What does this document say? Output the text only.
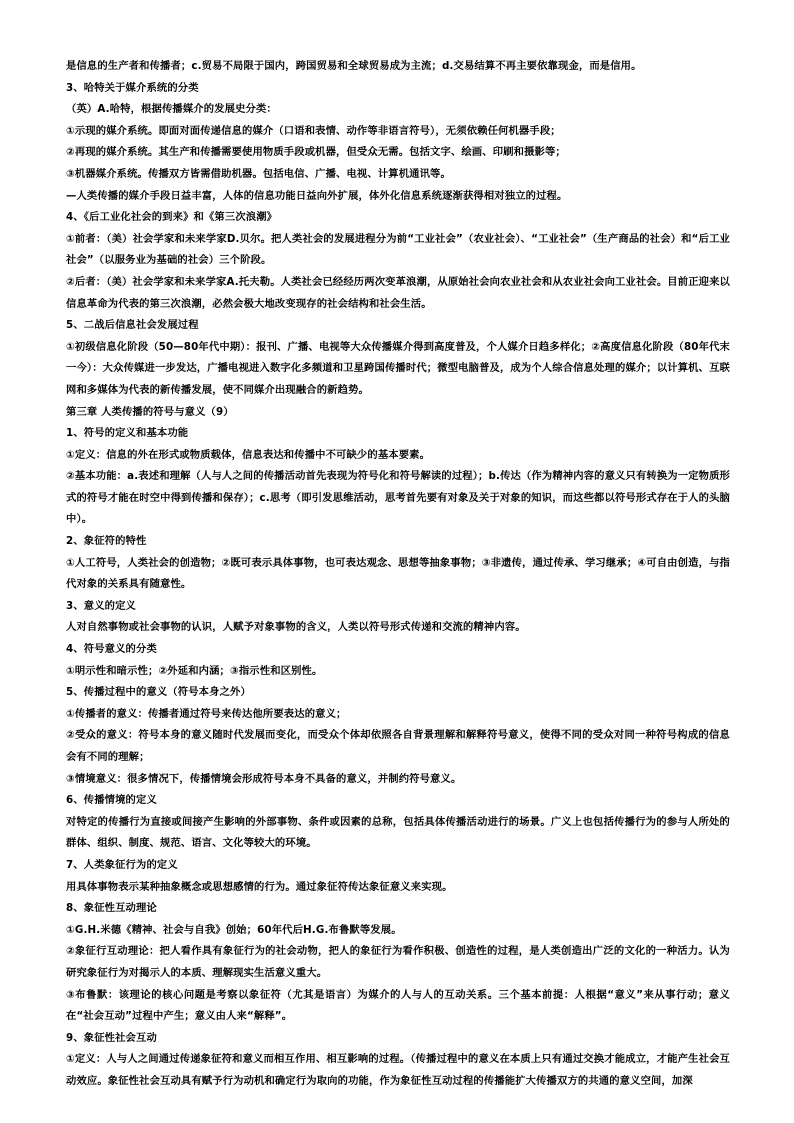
是信息的生产者和传播者；c.贸易不局限于国内，跨国贸易和全球贸易成为主流；d.交易结算不再主要依靠现金，而是信用。
3、哈特关于媒介系统的分类
（英）A.哈特，根据传播媒介的发展史分类：
①示现的媒介系统。即面对面传递信息的媒介（口语和表情、动作等非语言符号），无须依赖任何机器手段；
②再现的媒介系统。其生产和传播需要使用物质手段或机器，但受众无需。包括文字、绘画、印刷和摄影等；
③机器媒介系统。传播双方皆需借助机器。包括电信、广播、电视、计算机通讯等。
—人类传播的媒介手段日益丰富，人体的信息功能日益向外扩展，体外化信息系统逐渐获得相对独立的过程。
4、《后工业化社会的到来》和《第三次浪潮》
①前者：（美）社会学家和未来学家D.贝尔。把人类社会的发展进程分为前“工业社会”（农业社会）、“工业社会”（生产商品的社会）和“后工业社会”（以服务业为基础的社会）三个阶段。
②后者：（美）社会学家和未来学家A.托夫勒。人类社会已经经历两次变革浪潮，从原始社会向农业社会和从农业社会向工业社会。目前正迎来以信息革命为代表的第三次浪潮，必然会极大地改变现存的社会结构和社会生活。
5、二战后信息社会发展过程
①初级信息化阶段（50—80年代中期）：报刊、广播、电视等大众传播媒介得到高度普及，个人媒介日趋多样化；②高度信息化阶段（80年代末一今）：大众传媒进一步发达，广播电视进入数字化多频道和卫星跨国传播时代；微型电脑普及，成为个人综合信息处理的媒介；以计算机、互联网和多媒体为代表的新传播发展，使不同媒介出现融合的新趋势。
第三章 人类传播的符号与意义（9）
1、符号的定义和基本功能
①定义：信息的外在形式或物质载体，信息表达和传播中不可缺少的基本要素。
②基本功能：a.表述和理解（人与人之间的传播活动首先表现为符号化和符号解读的过程）；b.传达（作为精神内容的意义只有转换为一定物质形式的符号才能在时空中得到传播和保存）；c.思考（即引发思维活动，思考首先要有对象及关于对象的知识，而这些都以符号形式存在于人的头脑中）。
2、象征符的特性
①人工符号，人类社会的创造物；②既可表示具体事物，也可表达观念、思想等抽象事物；③非遗传，通过传承、学习继承；④可自由创造，与指代对象的关系具有随意性。
3、意义的定义
人对自然事物或社会事物的认识，人赋予对象事物的含义，人类以符号形式传递和交流的精神内容。
4、符号意义的分类
①明示性和暗示性；②外延和内涵；③指示性和区别性。
5、传播过程中的意义（符号本身之外）
①传播者的意义：传播者通过符号来传达他所要表达的意义；
②受众的意义：符号本身的意义随时代发展而变化，而受众个体却依照各自背景理解和解释符号意义，使得不同的受众对同一种符号构成的信息会有不同的理解；
③情境意义：很多情况下，传播情境会形成符号本身不具备的意义，并制约符号意义。
6、传播情境的定义
对特定的传播行为直接或间接产生影响的外部事物、条件或因素的总称，包括具体传播活动进行的场景。广义上也包括传播行为的参与人所处的群体、组织、制度、规范、语言、文化等较大的环境。
7、人类象征行为的定义
用具体事物表示某种抽象概念或思想感情的行为。通过象征符传达象征意义来实现。
8、象征性互动理论
①G.H.米德《精神、社会与自我》创始；60年代后H.G.布鲁默等发展。
②象征行互动理论：把人看作具有象征行为的社会动物，把人的象征行为看作积极、创造性的过程，是人类创造出广泛的文化的一种活力。认为研究象征行为对揭示人的本质、理解现实生活意义重大。
③布鲁默：该理论的核心问题是考察以象征符（尤其是语言）为媒介的人与人的互动关系。三个基本前提：人根据“意义”来从事行动；意义在“社会互动”过程中产生；意义由人来“解释”。
9、象征性社会互动
①定义：人与人之间通过传递象征符和意义而相互作用、相互影响的过程。（传播过程中的意义在本质上只有通过交换才能成立，才能产生社会互动效应。象征性社会互动具有赋予行为动机和确定行为取向的功能，作为象征性互动过程的传播能扩大传播双方的共通的意义空间，加深
